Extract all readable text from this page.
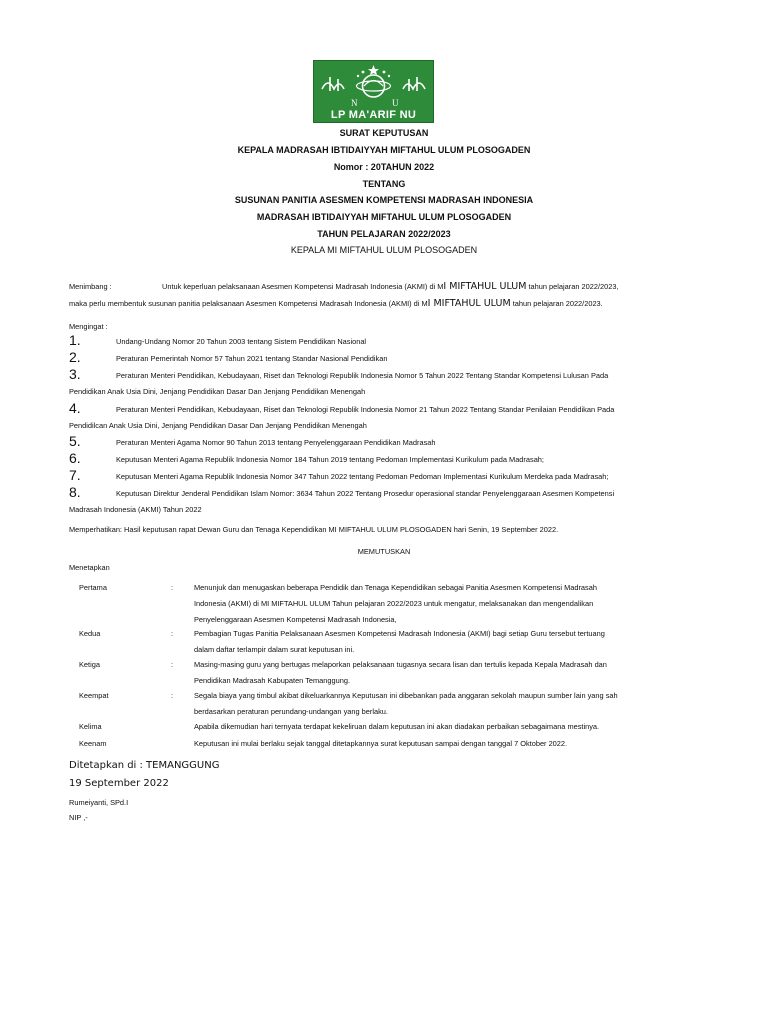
N	U
LP MA'ARIF NU
SURAT KEPUTUSAN
KEPALA MADRASAH IBTIDAIYYAH MIFTAHUL ULUM PLOSOGADEN
Nomor : 20TAHUN 2022
TENTANG
SUSUNAN PANITIA ASESMEN KOMPETENSI MADRASAH INDONESIA
MADRASAH IBTIDAIYYAH MIFTAHUL ULUM PLOSOGADEN
TAHUN PELAJARAN 2022/2023
KEPALA MI MIFTAHUL ULUM PLOSOGADEN
Menimbang :	Untuk keperluan pelaksanaan Asesmen Kompetensi Madrasah Indonesia (AKMI) di MI MIFTAHUL ULUM tahun pelajaran 2022/2023,
maka perlu membentuk susunan panitia pelaksanaan Asesmen Kompetensi Madrasah Indonesia (AKMI) di MI MIFTAHUL ULUM tahun pelajaran 2022/2023.
Mengingat :
1.	Undang-Undang Nomor 20 Tahun 2003 tentang Sistem Pendidikan Nasional
2.	Peraturan Pemerintah Nomor 57 Tahun 2021 tentang Standar Nasional Pendidikan
3.	Peraturan Menteri Pendidikan, Kebudayaan, Riset dan Teknologi Republik Indonesia Nomor 5 Tahun 2022 Tentang Standar Kompetensi Lulusan Pada
Pendidikan Anak Usia Dini, Jenjang Pendidikan Dasar Dan Jenjang Pendidikan Menengah
4.	Peraturan Menteri Pendidikan, Kebudayaan, Riset dan Teknologi Republik Indonesia Nomor 21 Tahun 2022 Tentang Standar Penilaian Pendidikan Pada
Pendidilcan Anak Usia Dini, Jenjang Pendidikan Dasar Dan Jenjang Pendidikan Menengah
5.	Peraturan Menteri Agama Nomor 90 Tahun 2013 tentang Penyelenggaraan Pendidikan Madrasah
6.	Keputusan Menteri Agama Republik Indonesia Nomor 184 Tahun 2019 tentang Pedoman Implementasi Kurikulum pada Madrasah;
7.	Keputusan Menteri Agama Republik Indonesia Nomor 347 Tahun 2022 tentang Pedoman Pedoman Implementasi Kurikulum Merdeka pada Madrasah;
8.	Keputusan Direktur Jenderal Pendidikan Islam Nomor: 3634 Tahun 2022 Tentang Prosedur operasional standar Penyelenggaraan Asesmen Kompetensi
Madrasah Indonesia (AKMI) Tahun 2022
Memperhatikan: Hasil keputusan rapat Dewan Guru dan Tenaga Kependidikan MI MIFTAHUL ULUM PLOSOGADEN hari Senin, 19 September 2022.
MEMUTUSKAN
Menetapkan
Pertama	:	Menunjuk dan menugaskan beberapa Pendidik dan Tenaga Kependidikan sebagai Panitia Asesmen Kompetensi Madrasah
Indonesia (AKMI) di MI MIFTAHUL ULUM Tahun pelajaran 2022/2023 untuk mengatur, melaksanakan dan mengendalikan
Penyelenggaraan Asesmen Kompetensi Madrasah Indonesia,
Kedua	:	Pembagian Tugas Panitia Pelaksanaan Asesmen Kompetensi Madrasah Indonesia (AKMI) bagi setiap Guru tersebut tertuang
dalam daftar terlampir dalam surat keputusan ini.
Ketiga	:	Masing-masing guru yang bertugas melaporkan pelaksanaan tugasnya secara lisan dan tertulis kepada Kepala Madrasah dan
Pendidikan Madrasah Kabupaten Temanggung.
Keempat	:	Segala biaya yang timbul akibat dikeluarkannya Keputusan ini dibebankan pada anggaran sekolah maupun sumber lain yang sah
berdasarkan peraturan perundang-undangan yang berlaku.
Kelima	Apabila dikemudian hari ternyata terdapat kekeliruan dalam keputusan ini akan diadakan perbaikan sebagaimana mestinya.
Keenam	Keputusan ini mulai berlaku sejak tanggal ditetapkannya surat keputusan sampai dengan tanggal 7 Oktober 2022.
Ditetapkan di : TEMANGGUNG
19 September 2022
Rumeiyanti, SPd.I
NIP ,-
